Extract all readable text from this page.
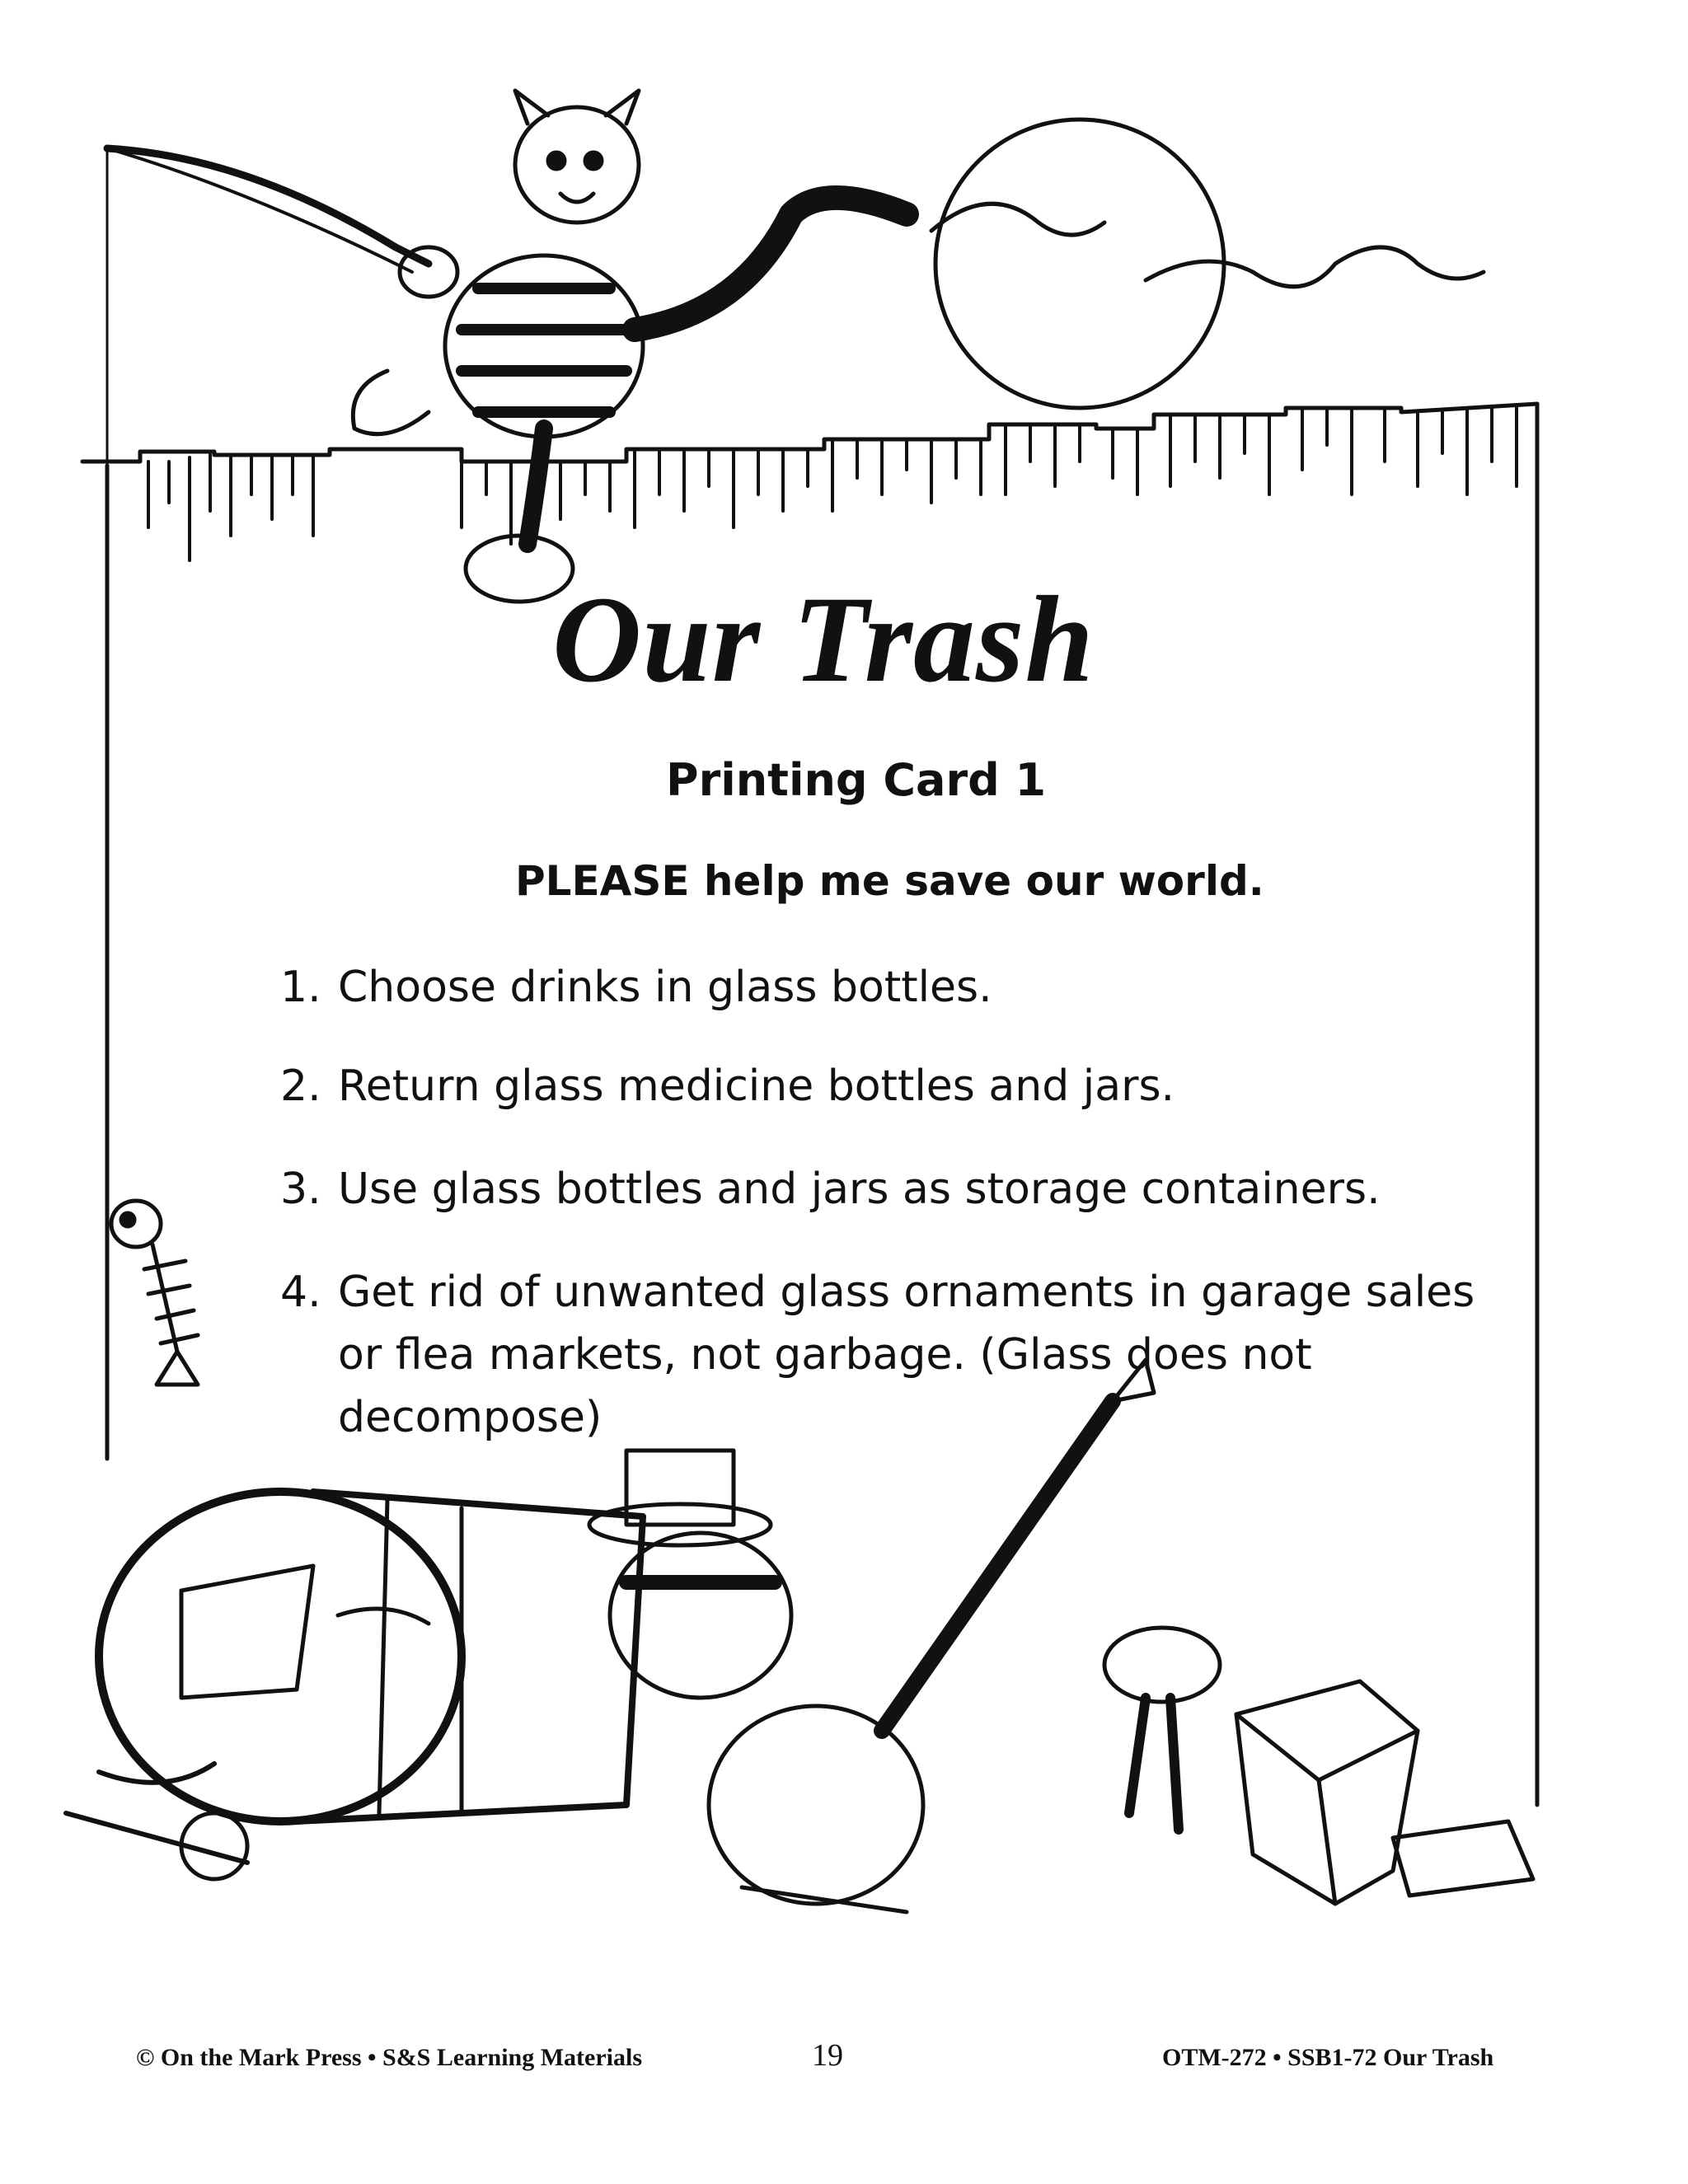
Our Trash
Printing Card 1
PLEASE help me save our world.
1. Choose drinks in glass bottles.
2. Return glass medicine bottles and jars.
3. Use glass bottles and jars as storage containers.
4. Get rid of unwanted glass ornaments in garage sales or flea markets, not garbage. (Glass does not decompose)
© On the Mark Press • S&S Learning Materials	19	OTM-272 • SSB1-72 Our Trash
